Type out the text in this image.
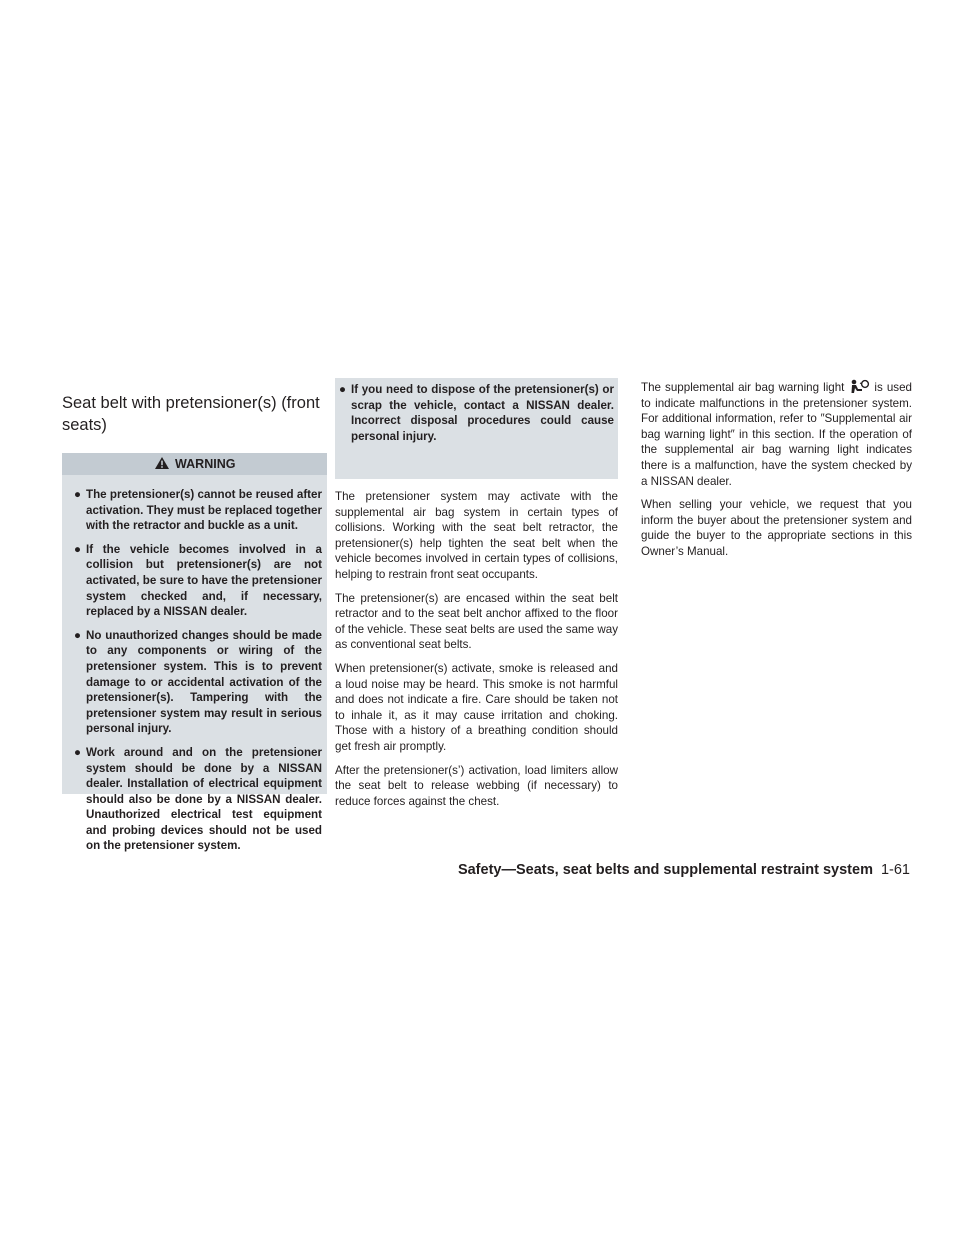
Seat belt with pretensioner(s) (front seats)
WARNING
● The pretensioner(s) cannot be reused after activation. They must be replaced together with the retractor and buckle as a unit.
● If the vehicle becomes involved in a collision but pretensioner(s) are not activated, be sure to have the pretensioner system checked and, if necessary, replaced by a NISSAN dealer.
● No unauthorized changes should be made to any components or wiring of the pretensioner system. This is to prevent damage to or accidental activation of the pretensioner(s). Tampering with the pretensioner system may result in serious personal injury.
● Work around and on the pretensioner system should be done by a NISSAN dealer. Installation of electrical equipment should also be done by a NISSAN dealer. Unauthorized electrical test equipment and probing devices should not be used on the pretensioner system.
● If you need to dispose of the pretensioner(s) or scrap the vehicle, contact a NISSAN dealer. Incorrect disposal procedures could cause personal injury.

The pretensioner system may activate with the supplemental air bag system in certain types of collisions. Working with the seat belt retractor, the pretensioner(s) help tighten the seat belt when the vehicle becomes involved in certain types of collisions, helping to restrain front seat occupants.

The pretensioner(s) are encased within the seat belt retractor and to the seat belt anchor affixed to the floor of the vehicle. These seat belts are used the same way as conventional seat belts.

When pretensioner(s) activate, smoke is released and a loud noise may be heard. This smoke is not harmful and does not indicate a fire. Care should be taken not to inhale it, as it may cause irritation and choking. Those with a history of a breathing condition should get fresh air promptly.

After the pretensioner(s’) activation, load limiters allow the seat belt to release webbing (if necessary) to reduce forces against the chest.

The supplemental air bag warning light	is used to indicate malfunctions in the pretensioner system. For additional information, refer to ″Supplemental air bag warning light″ in this section. If the operation of the supplemental air bag warning light indicates there is a malfunction, have the system checked by a NISSAN dealer.

When selling your vehicle, we request that you inform the buyer about the pretensioner system and guide the buyer to the appropriate sections in this Owner’s Manual.

Safety—Seats, seat belts and supplemental restraint system 1-61
